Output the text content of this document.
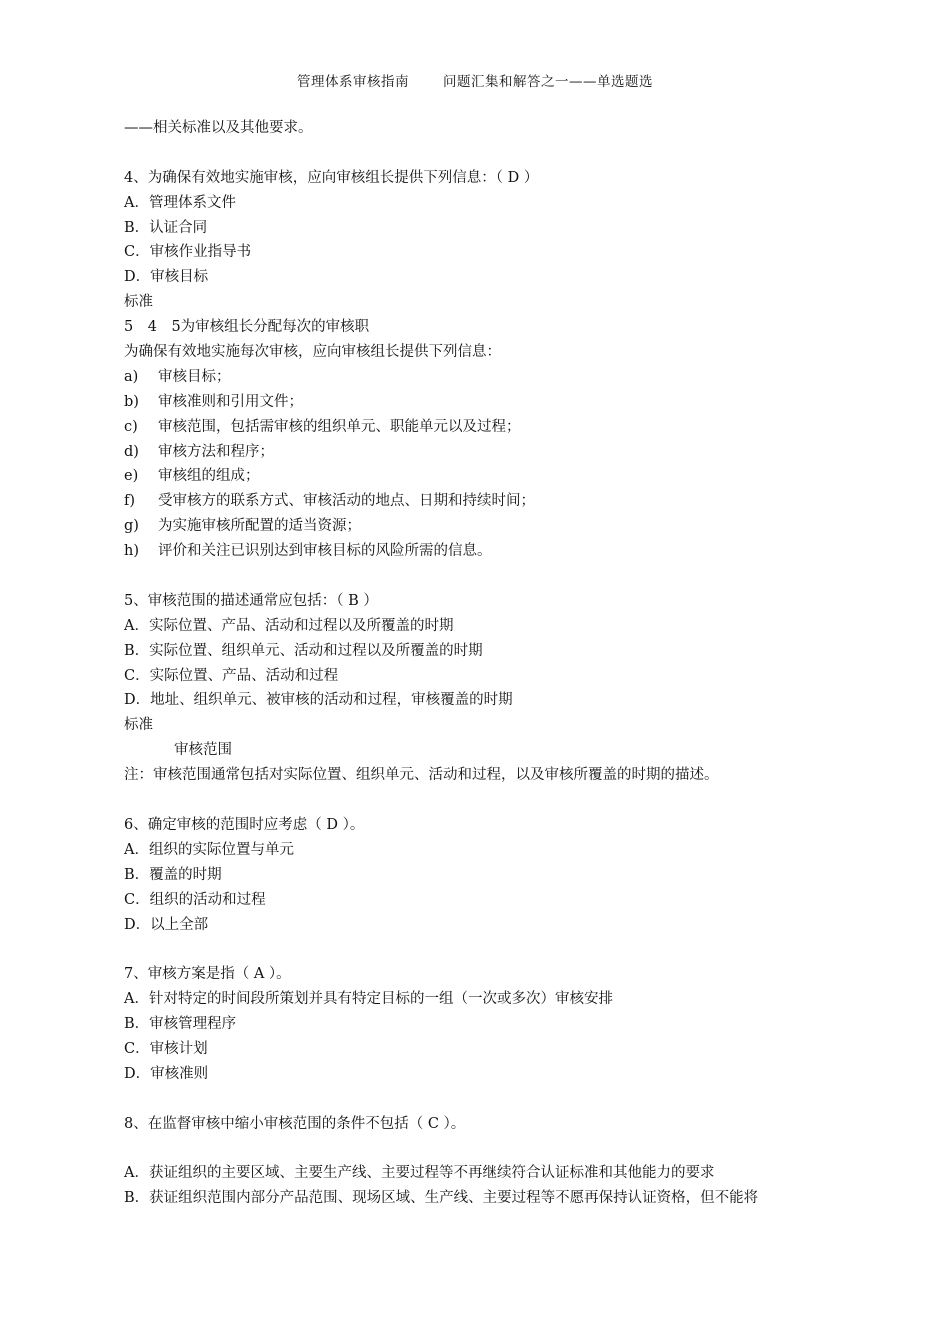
管理体系审核指南	问题汇集和解答之一——单选题选
——相关标准以及其他要求。
4、为确保有效地实施审核，应向审核组长提供下列信息：（ D ）
A．管理体系文件
B．认证合同
C．审核作业指导书
D．审核目标
标准
5　4　5为审核组长分配每次的审核职
为确保有效地实施每次审核，应向审核组长提供下列信息：
a) 审核目标；
b) 审核准则和引用文件；
c) 审核范围，包括需审核的组织单元、职能单元以及过程；
d) 审核方法和程序；
e) 审核组的组成；
f) 受审核方的联系方式、审核活动的地点、日期和持续时间；
g) 为实施审核所配置的适当资源；
h) 评价和关注已识别达到审核目标的风险所需的信息。
5、审核范围的描述通常应包括：（ B ）
A．实际位置、产品、活动和过程以及所覆盖的时期
B．实际位置、组织单元、活动和过程以及所覆盖的时期
C．实际位置、产品、活动和过程
D．地址、组织单元、被审核的活动和过程，审核覆盖的时期
标准
审核范围
注：审核范围通常包括对实际位置、组织单元、活动和过程，以及审核所覆盖的时期的描述。
6、确定审核的范围时应考虑（ D ）。
A．组织的实际位置与单元
B．覆盖的时期
C．组织的活动和过程
D．以上全部
7、审核方案是指（ A ）。
A．针对特定的时间段所策划并具有特定目标的一组（一次或多次）审核安排
B．审核管理程序
C．审核计划
D．审核准则
8、在监督审核中缩小审核范围的条件不包括（ C ）。
A．获证组织的主要区域、主要生产线、主要过程等不再继续符合认证标准和其他能力的要求
B．获证组织范围内部分产品范围、现场区域、生产线、主要过程等不愿再保持认证资格，但不能将
